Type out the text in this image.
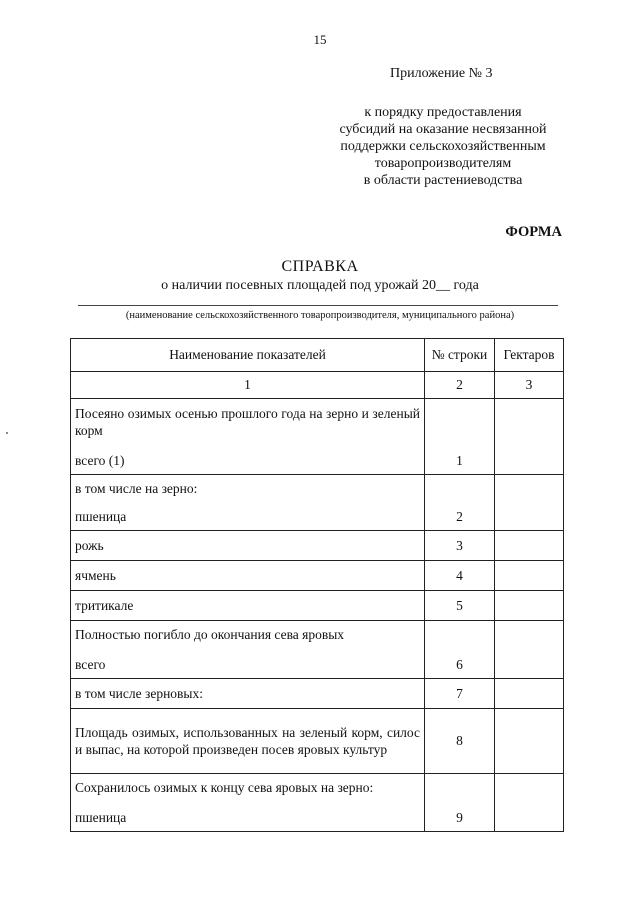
15
Приложение № 3
к порядку предоставления
субсидий на оказание несвязанной
поддержки сельскохозяйственным
товаропроизводителям
в области растениеводства
ФОРМА
СПРАВКА
о наличии посевных площадей под урожай 20__ года
(наименование сельскохозяйственного товаропроизводителя, муниципального района)
Наименование показателей	№ строки	Гектаров
1	2	3

Посеяно озимых осенью прошлого года на зерно и зеленый корм
всего (1)	1	

в том числе на зерно:
пшеница	2	
рожь	3	
ячмень	4	
тритикале	5	

Полностью погибло до окончания сева яровых
всего	6	
в том числе зерновых:	7	

Площадь озимых, использованных на зеленый корм, силос и выпас, на которой произведен посев яровых культур	8	

Сохранилось озимых к концу сева яровых на зерно:
пшеница	9	
